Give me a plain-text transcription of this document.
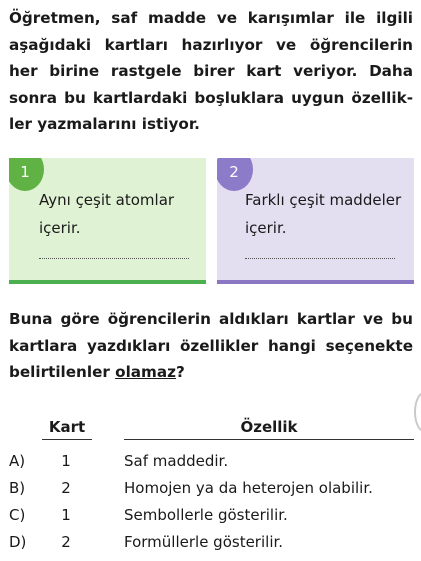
Öğretmen, saf madde ve karışımlar ile ilgili aşağıdaki kartları hazırlıyor ve öğrencilerin her birine rastgele birer kart veriyor. Daha sonra bu kartlardaki boşluklara uygun özellik-ler yazmalarını istiyor.

1

Aynı çeşit atomlar içerir.

2

Farklı çeşit maddeler içerir.

Buna göre öğrencilerin aldıkları kartlar ve bu kartlara yazdıkları özellikler hangi seçenekte belirtilenler olamaz?

Kart	Özellik
A) 1	Saf maddedir.
B) 2	Homojen ya da heterojen olabilir.
C) 1	Sembollerle gösterilir.
D) 2	Formüllerle gösterilir.
